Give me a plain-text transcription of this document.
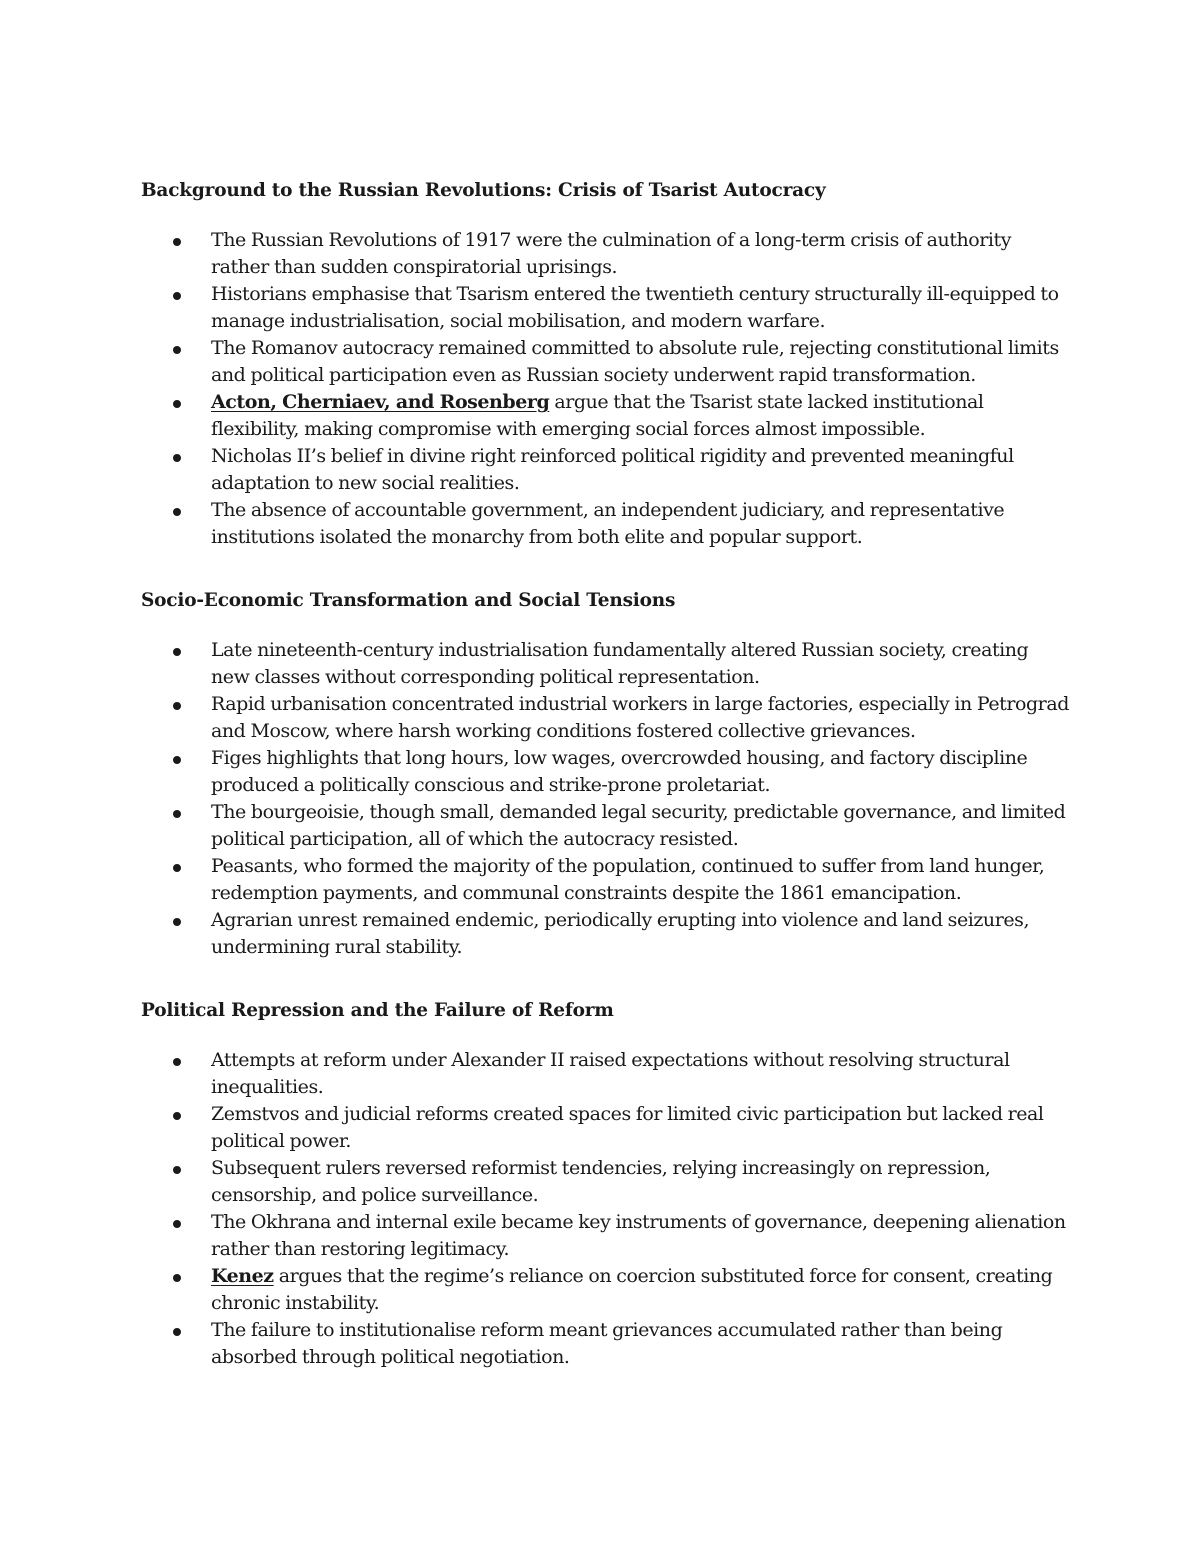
Background to the Russian Revolutions: Crisis of Tsarist Autocracy
The Russian Revolutions of 1917 were the culmination of a long-term crisis of authority rather than sudden conspiratorial uprisings.
Historians emphasise that Tsarism entered the twentieth century structurally ill-equipped to manage industrialisation, social mobilisation, and modern warfare.
The Romanov autocracy remained committed to absolute rule, rejecting constitutional limits and political participation even as Russian society underwent rapid transformation.
Acton, Cherniaev, and Rosenberg argue that the Tsarist state lacked institutional flexibility, making compromise with emerging social forces almost impossible.
Nicholas II’s belief in divine right reinforced political rigidity and prevented meaningful adaptation to new social realities.
The absence of accountable government, an independent judiciary, and representative institutions isolated the monarchy from both elite and popular support.
Socio-Economic Transformation and Social Tensions
Late nineteenth-century industrialisation fundamentally altered Russian society, creating new classes without corresponding political representation.
Rapid urbanisation concentrated industrial workers in large factories, especially in Petrograd and Moscow, where harsh working conditions fostered collective grievances.
Figes highlights that long hours, low wages, overcrowded housing, and factory discipline produced a politically conscious and strike-prone proletariat.
The bourgeoisie, though small, demanded legal security, predictable governance, and limited political participation, all of which the autocracy resisted.
Peasants, who formed the majority of the population, continued to suffer from land hunger, redemption payments, and communal constraints despite the 1861 emancipation.
Agrarian unrest remained endemic, periodically erupting into violence and land seizures, undermining rural stability.
Political Repression and the Failure of Reform
Attempts at reform under Alexander II raised expectations without resolving structural inequalities.
Zemstvos and judicial reforms created spaces for limited civic participation but lacked real political power.
Subsequent rulers reversed reformist tendencies, relying increasingly on repression, censorship, and police surveillance.
The Okhrana and internal exile became key instruments of governance, deepening alienation rather than restoring legitimacy.
Kenez argues that the regime’s reliance on coercion substituted force for consent, creating chronic instability.
The failure to institutionalise reform meant grievances accumulated rather than being absorbed through political negotiation.
